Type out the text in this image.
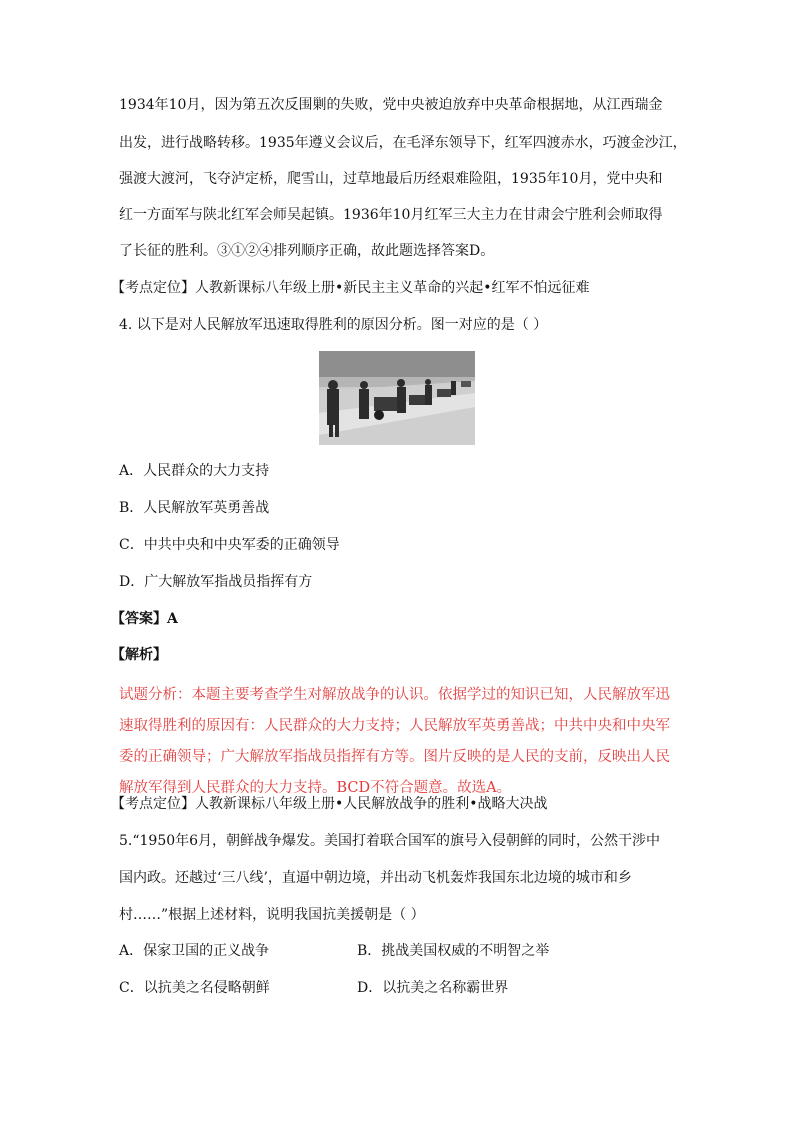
1934年10月，因为第五次反围剿的失败，党中央被迫放弃中央革命根据地，从江西瑞金
出发，进行战略转移。1935年遵义会议后，在毛泽东领导下，红军四渡赤水，巧渡金沙江，
强渡大渡河，飞夺泸定桥，爬雪山，过草地最后历经艰难险阻，1935年10月，党中央和
红一方面军与陕北红军会师吴起镇。1936年10月红军三大主力在甘肃会宁胜利会师取得
了长征的胜利。③①②④排列顺序正确，故此题选择答案D。
【考点定位】人教新课标八年级上册•新民主主义革命的兴起•红军不怕远征难
4. 以下是对人民解放军迅速取得胜利的原因分析。图一对应的是（ ）
A．人民群众的大力支持
B．人民解放军英勇善战
C．中共中央和中央军委的正确领导
D．广大解放军指战员指挥有方
【答案】A
【解析】
试题分析：本题主要考查学生对解放战争的认识。依据学过的知识已知，人民解放军迅速取得胜利的原因有：人民群众的大力支持；人民解放军英勇善战；中共中央和中央军委的正确领导；广大解放军指战员指挥有方等。图片反映的是人民的支前，反映出人民解放军得到人民群众的大力支持。BCD不符合题意。故选A。
【考点定位】人教新课标八年级上册•人民解放战争的胜利•战略大决战
5.“1950年6月，朝鲜战争爆发。美国打着联合国军的旗号入侵朝鲜的同时，公然干涉中
国内政。还越过‘三八线’，直逼中朝边境，并出动飞机轰炸我国东北边境的城市和乡
村……”根据上述材料，说明我国抗美援朝是（ ）
A．保家卫国的正义战争	B．挑战美国权威的不明智之举
C．以抗美之名侵略朝鲜	D．以抗美之名称霸世界
